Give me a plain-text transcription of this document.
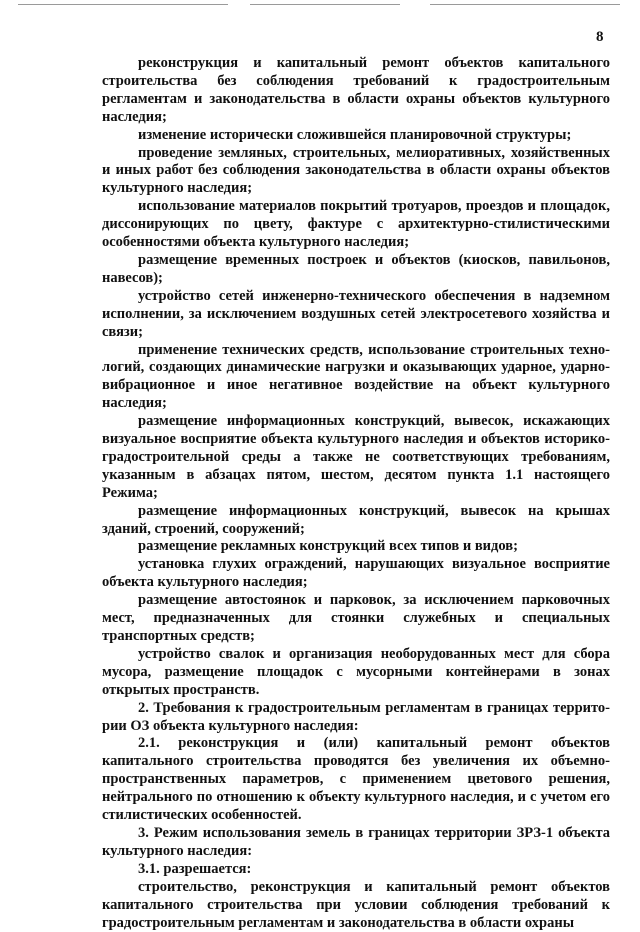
8

реконструкция и капитальный ремонт объектов капитального строительства без соблюдения требований к градостроительным регламентам и законодательства в области охраны объектов культурного наследия;

изменение исторически сложившейся планировочной структуры;

проведение земляных, строительных, мелиоративных, хозяйственных и иных работ без соблюдения законодательства в области охраны объектов культурного наследия;

использование материалов покрытий тротуаров, проездов и площадок, диссонирующих по цвету, фактуре с архитектурно-стилистическими особенностями объекта культурного наследия;

размещение временных построек и объектов (киосков, павильонов, навесов);

устройство сетей инженерно-технического обеспечения в надземном исполнении, за исключением воздушных сетей электросетевого хозяйства и связи;

применение технических средств, использование строительных техно-логий, создающих динамические нагрузки и оказывающих ударное, ударно-вибрационное и иное негативное воздействие на объект культурного наследия;

размещение информационных конструкций, вывесок, искажающих визуальное восприятие объекта культурного наследия и объектов историко-градостроительной среды а также не соответствующих требованиям, указанным в абзацах пятом, шестом, десятом пункта 1.1 настоящего Режима;

размещение информационных конструкций, вывесок на крышах зданий, строений, сооружений;

размещение рекламных конструкций всех типов и видов;

установка глухих ограждений, нарушающих визуальное восприятие объекта культурного наследия;

размещение автостоянок и парковок, за исключением парковочных мест, предназначенных для стоянки служебных и специальных транспортных средств;

устройство свалок и организация необорудованных мест для сбора мусора, размещение площадок с мусорными контейнерами в зонах открытых пространств.

2. Требования к градостроительным регламентам в границах террито-рии ОЗ объекта культурного наследия:

2.1. реконструкция и (или) капитальный ремонт объектов капитального строительства проводятся без увеличения их объемно-пространственных параметров, с применением цветового решения, нейтрального по отношению к объекту культурного наследия, и с учетом его стилистических особенностей.

3. Режим использования земель в границах территории ЗРЗ-1 объекта культурного наследия:

3.1. разрешается:

строительство, реконструкция и капитальный ремонт объектов капитального строительства при условии соблюдения требований к градостроительным регламентам и законодательства в области охраны
